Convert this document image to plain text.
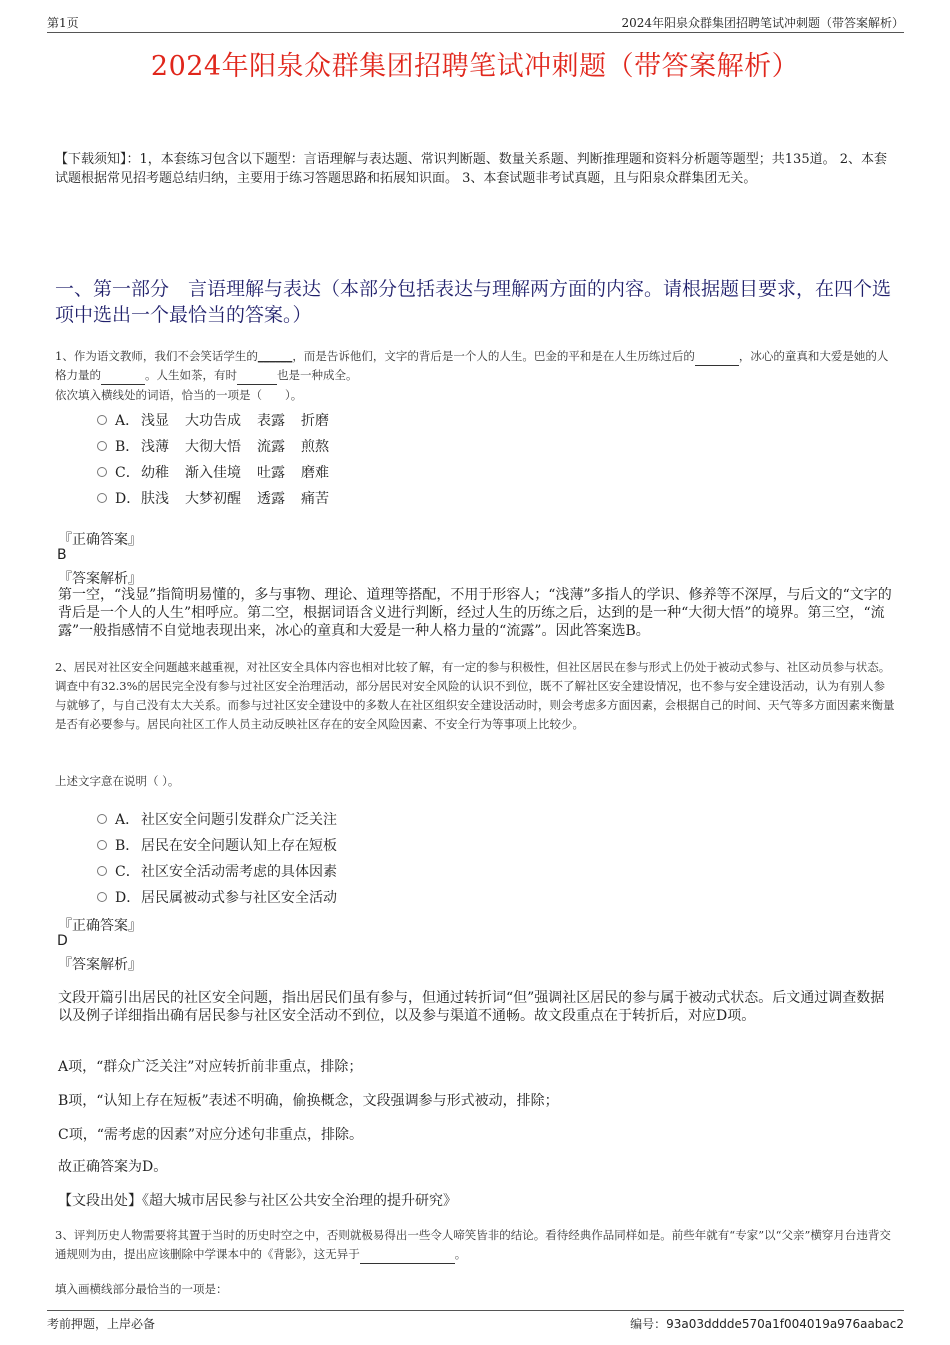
第1页	2024年阳泉众群集团招聘笔试冲刺题（带答案解析）
2024年阳泉众群集团招聘笔试冲刺题（带答案解析）
【下载须知】：1，本套练习包含以下题型：言语理解与表达题、常识判断题、数量关系题、判断推理题和资料分析题等题型；共135道。 2、本套试题根据常见招考题总结归纳，主要用于练习答题思路和拓展知识面。 3、本套试题非考试真题，且与阳泉众群集团无关。
一、第一部分　言语理解与表达（本部分包括表达与理解两方面的内容。请根据题目要求，在四个选项中选出一个最恰当的答案。）
1、作为语文教师，我们不会笑话学生的______，而是告诉他们，文字的背后是一个人的人生。巴金的平和是在人生历练过后的	，冰心的童真和大爱是她的人格力量的	。人生如茶，有时	也是一种成全。
依次填入横线处的词语，恰当的一项是（　　）。
A． 浅显 大功告成 表露 折磨
B． 浅薄 大彻大悟 流露 煎熬
C．幼稚 渐入佳境 吐露 磨难
D．肤浅 大梦初醒 透露 痛苦
『正确答案』
B
『答案解析』
第一空，“浅显”指简明易懂的，多与事物、理论、道理等搭配，不用于形容人；“浅薄”多指人的学识、修养等不深厚，与后文的“文字的背后是一个人的人生”相呼应。第二空，根据词语含义进行判断，经过人生的历练之后，达到的是一种“大彻大悟”的境界。第三空，“流露”一般指感情不自觉地表现出来，冰心的童真和大爱是一种人格力量的“流露”。因此答案选B。
2、居民对社区安全问题越来越重视，对社区安全具体内容也相对比较了解，有一定的参与积极性，但社区居民在参与形式上仍处于被动式参与、社区动员参与状态。调查中有32.3%的居民完全没有参与过社区安全治理活动，部分居民对安全风险的认识不到位，既不了解社区安全建设情况，也不参与安全建设活动，认为有别人参与就够了，与自己没有太大关系。而参与过社区安全建设中的多数人在社区组织安全建设活动时，则会考虑多方面因素，会根据自己的时间、天气等多方面因素来衡量是否有必要参与。居民向社区工作人员主动反映社区存在的安全风险因素、不安全行为等事项上比较少。
上述文字意在说明（ ）。
A． 社区安全问题引发群众广泛关注
B． 居民在安全问题认知上存在短板
C．社区安全活动需考虑的具体因素
D．居民属被动式参与社区安全活动
『正确答案』
D
『答案解析』
文段开篇引出居民的社区安全问题，指出居民们虽有参与，但通过转折词“但”强调社区居民的参与属于被动式状态。后文通过调查数据以及例子详细指出确有居民参与社区安全活动不到位，以及参与渠道不通畅。故文段重点在于转折后，对应D项。
A项，“群众广泛关注”对应转折前非重点，排除；
B项，“认知上存在短板”表述不明确，偷换概念，文段强调参与形式被动，排除；
C项，“需考虑的因素”对应分述句非重点，排除。
故正确答案为D。
【文段出处】《超大城市居民参与社区公共安全治理的提升研究》
3、评判历史人物需要将其置于当时的历史时空之中，否则就极易得出一些令人啼笑皆非的结论。看待经典作品同样如是。前些年就有“专家”以“父亲”横穿月台违背交通规则为由，提出应该删除中学课本中的《背影》，这无异于	。
填入画横线部分最恰当的一项是：
考前押题，上岸必备	编号：93a03dddde570a1f004019a976aabac2
